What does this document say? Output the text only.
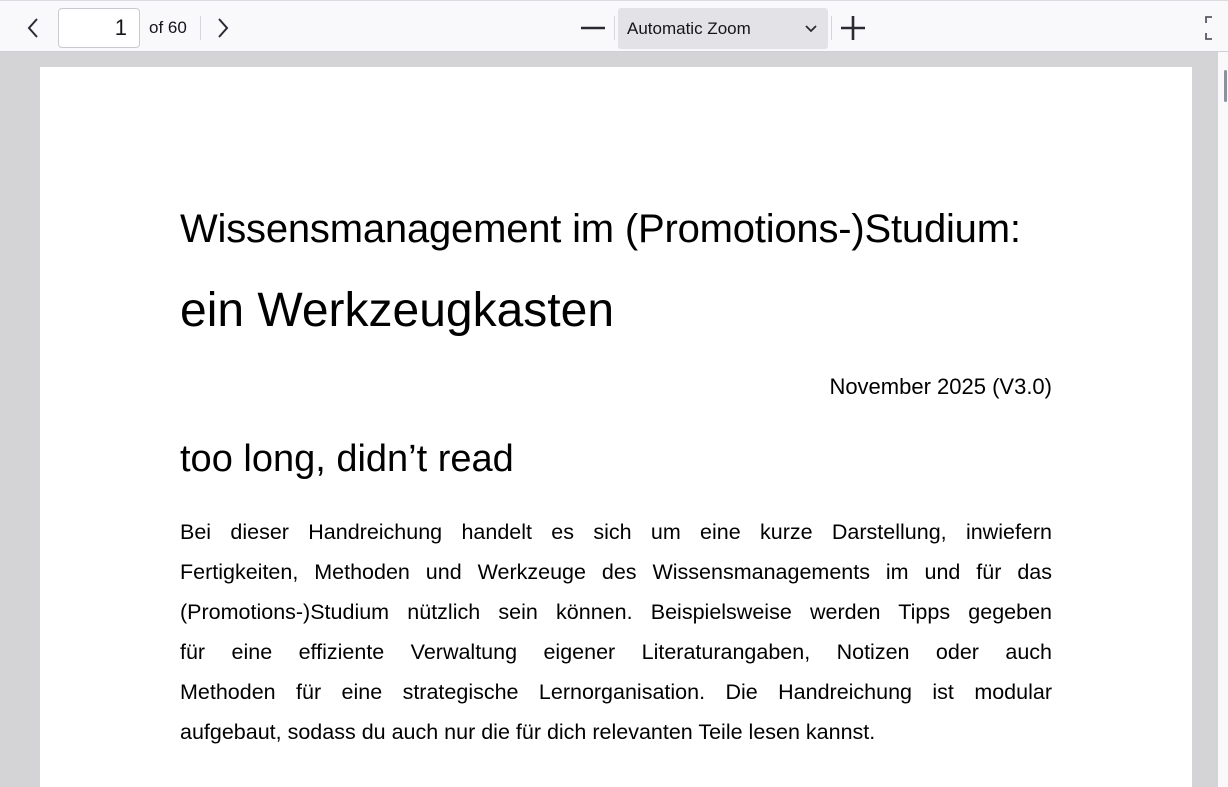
1
of 60	Automatic Zoom
Wissensmanagement im (Promotions-)Studium:
ein Werkzeugkasten
November 2025 (V3.0)
too long, didn’t read
Bei dieser Handreichung handelt es sich um eine kurze Darstellung, inwiefern
Fertigkeiten, Methoden und Werkzeuge des Wissensmanagements im und für das
(Promotions-)Studium nützlich sein können. Beispielsweise werden Tipps gegeben
für eine effiziente Verwaltung eigener Literaturangaben, Notizen oder auch
Methoden für eine strategische Lernorganisation. Die Handreichung ist modular
aufgebaut, sodass du auch nur die für dich relevanten Teile lesen kannst.
